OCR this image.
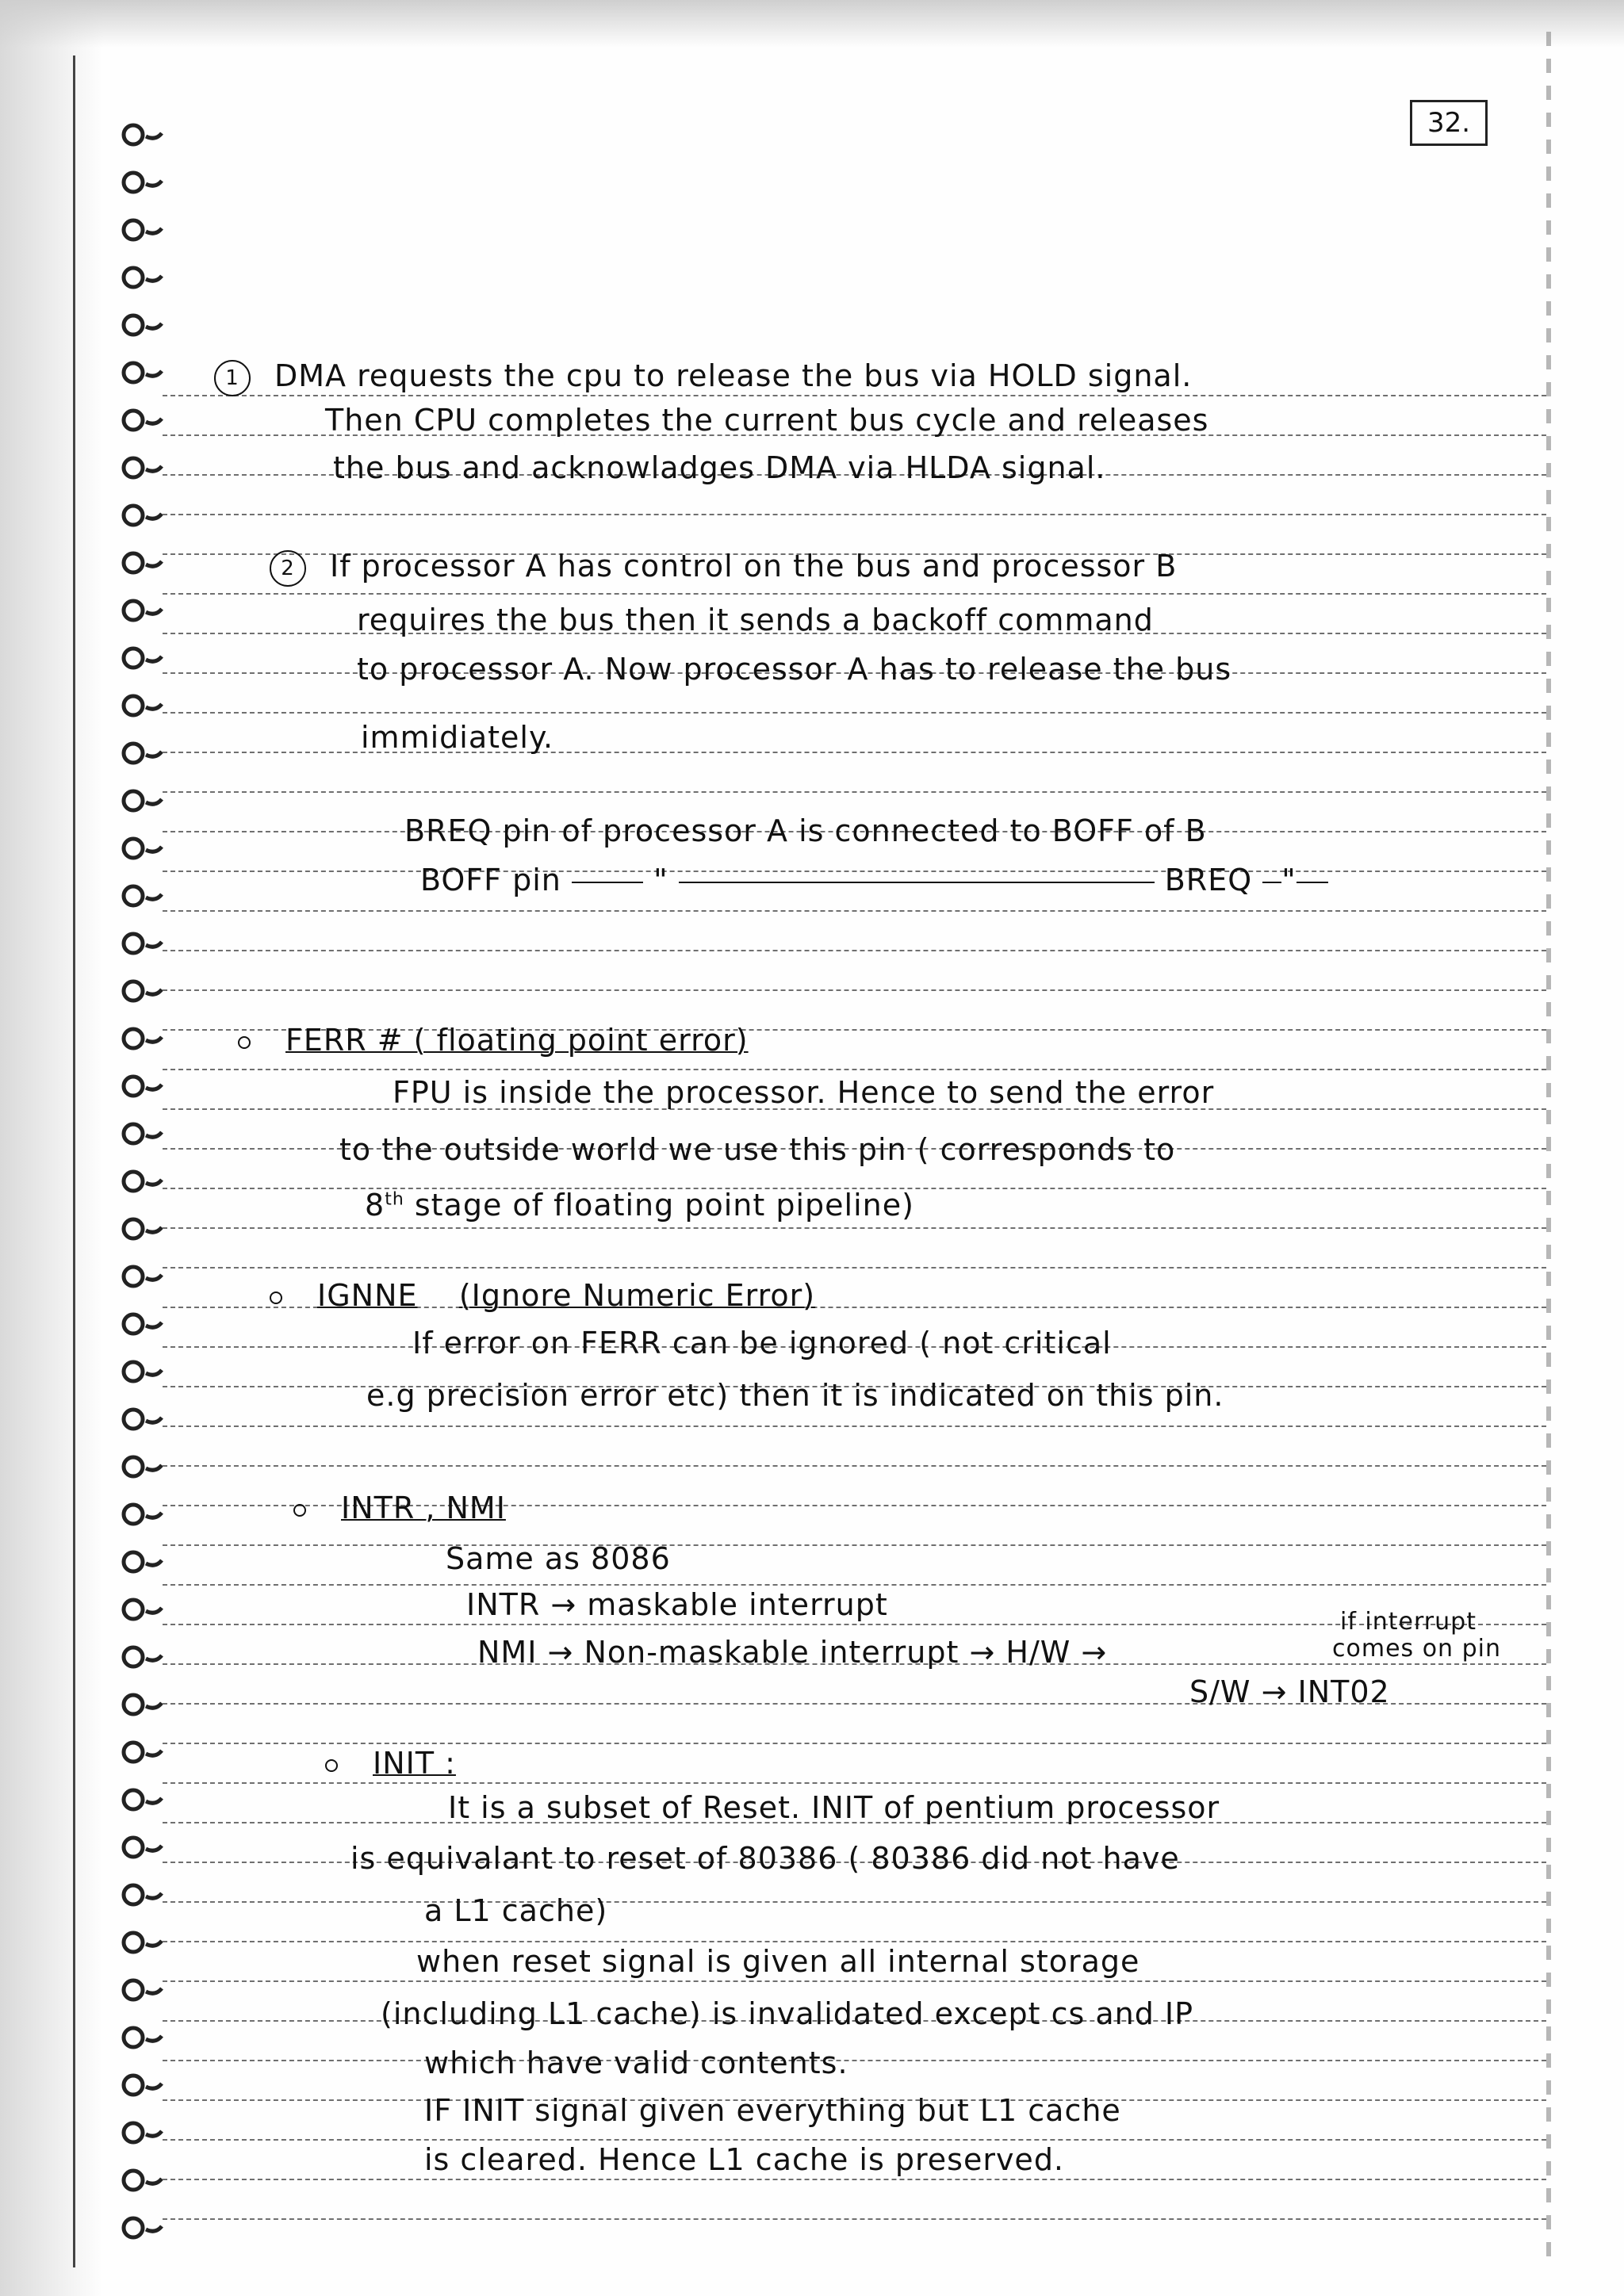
32.
1 DMA requests the cpu to release the bus via HOLD signal.
Then CPU completes the current bus cycle and releases
the bus and acknowladges DMA via HLDA signal.
2 If processor A has control on the bus and processor B
requires the bus then it sends a backoff command
to processor A. Now processor A has to release the bus
immidiately.
BREQ pin of processor A is connected to BOFF of B
BOFF pin	"	BREQ "
FERR # ( floating point error)
FPU is inside the processor. Hence to send the error
to the outside world we use this pin ( corresponds to
8th stage of floating point pipeline)
IGNNE (Ignore Numeric Error)
If error on FERR can be ignored ( not critical
e.g precision error etc) then it is indicated on this pin.
INTR , NMI
Same as 8086
INTR → maskable interrupt
NMI → Non-maskable interrupt → H/W →
if interrupt
comes on pin
S/W → INT02
INIT :
It is a subset of Reset. INIT of pentium processor
is equivalant to reset of 80386 ( 80386 did not have
a L1 cache)
when reset signal is given all internal storage
(including L1 cache) is invalidated except cs and IP
which have valid contents.
IF INIT signal given everything but L1 cache
is cleared. Hence L1 cache is preserved.
